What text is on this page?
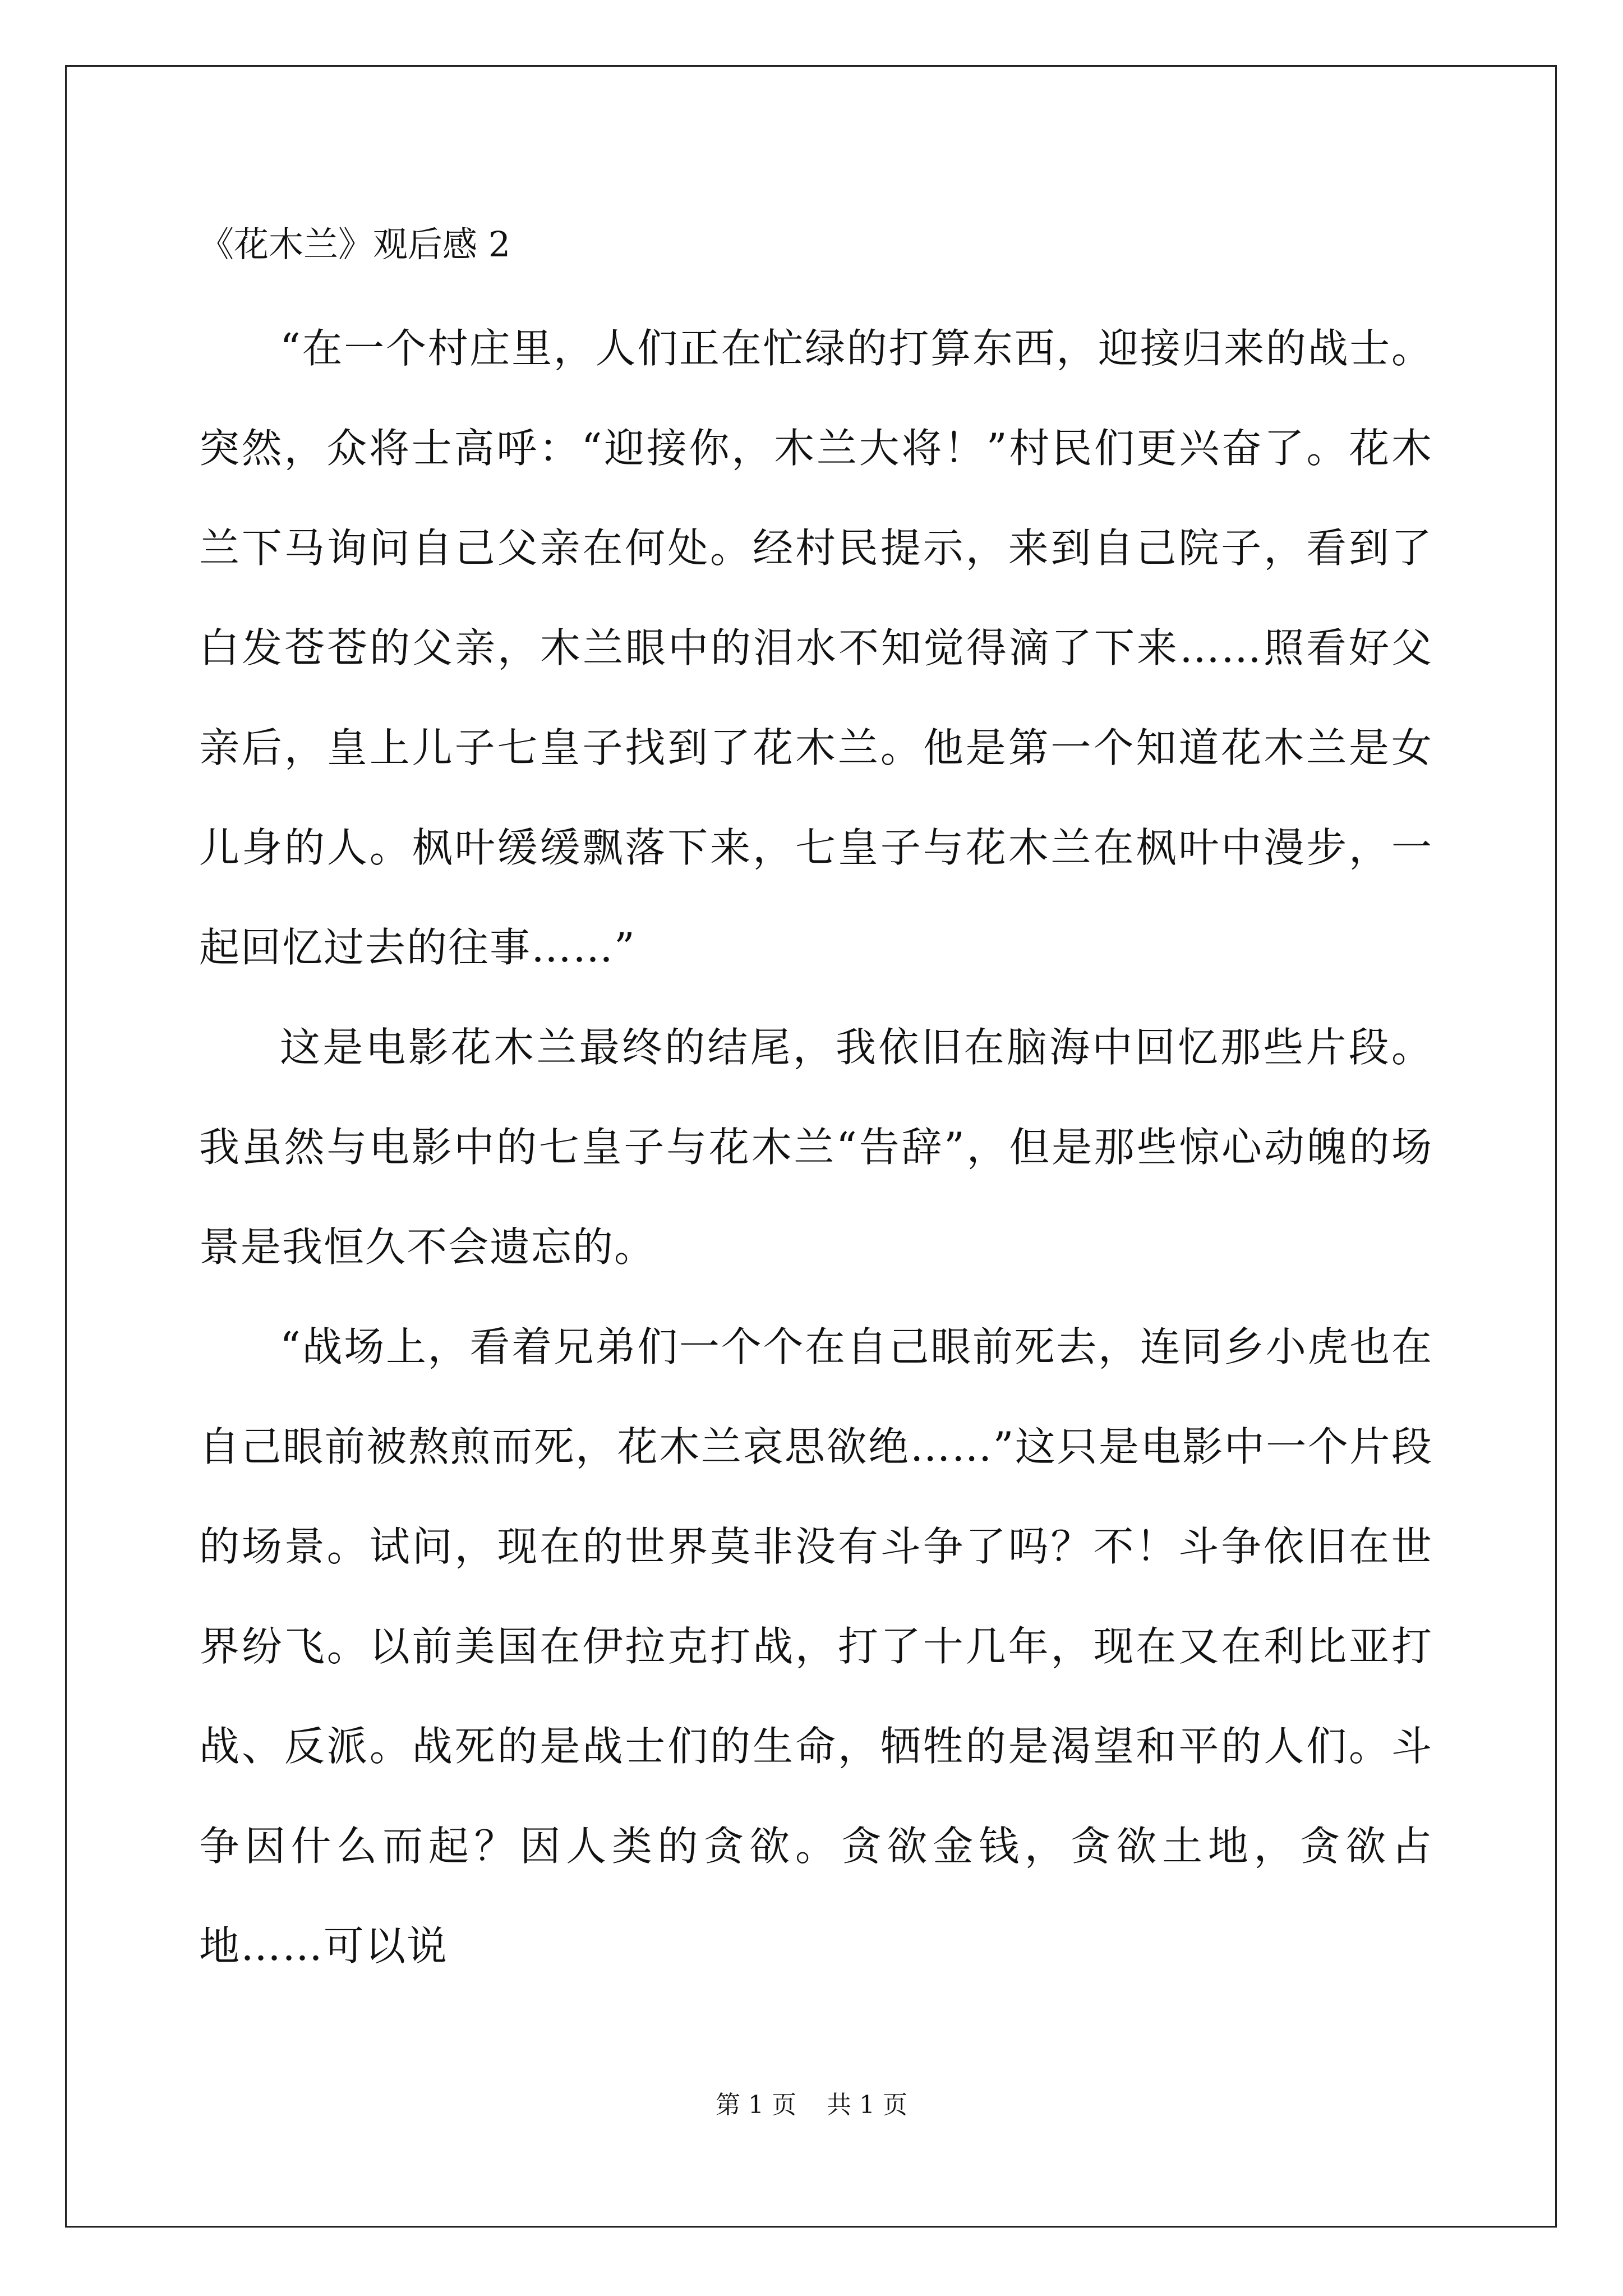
《花木兰》观后感 2

“在一个村庄里，人们正在忙绿的打算东西，迎接归来的战士。突然，众将士高呼：“迎接你，木兰大将！”村民们更兴奋了。花木兰下马询问自己父亲在何处。经村民提示，来到自己院子，看到了白发苍苍的父亲，木兰眼中的泪水不知觉得滴了下来……照看好父亲后，皇上儿子七皇子找到了花木兰。他是第一个知道花木兰是女儿身的人。枫叶缓缓飘落下来，七皇子与花木兰在枫叶中漫步，一起回忆过去的往事……”

这是电影花木兰最终的结尾，我依旧在脑海中回忆那些片段。我虽然与电影中的七皇子与花木兰“告辞”，但是那些惊心动魄的场景是我恒久不会遗忘的。

“战场上，看着兄弟们一个个在自己眼前死去，连同乡小虎也在自己眼前被熬煎而死，花木兰哀思欲绝……”这只是电影中一个片段的场景。试问，现在的世界莫非没有斗争了吗？不！斗争依旧在世界纷飞。以前美国在伊拉克打战，打了十几年，现在又在利比亚打战、反派。战死的是战士们的生命，牺牲的是渴望和平的人们。斗争因什么而起？因人类的贪欲。贪欲金钱，贪欲土地，贪欲占地……可以说

第 1 页 共 1 页
